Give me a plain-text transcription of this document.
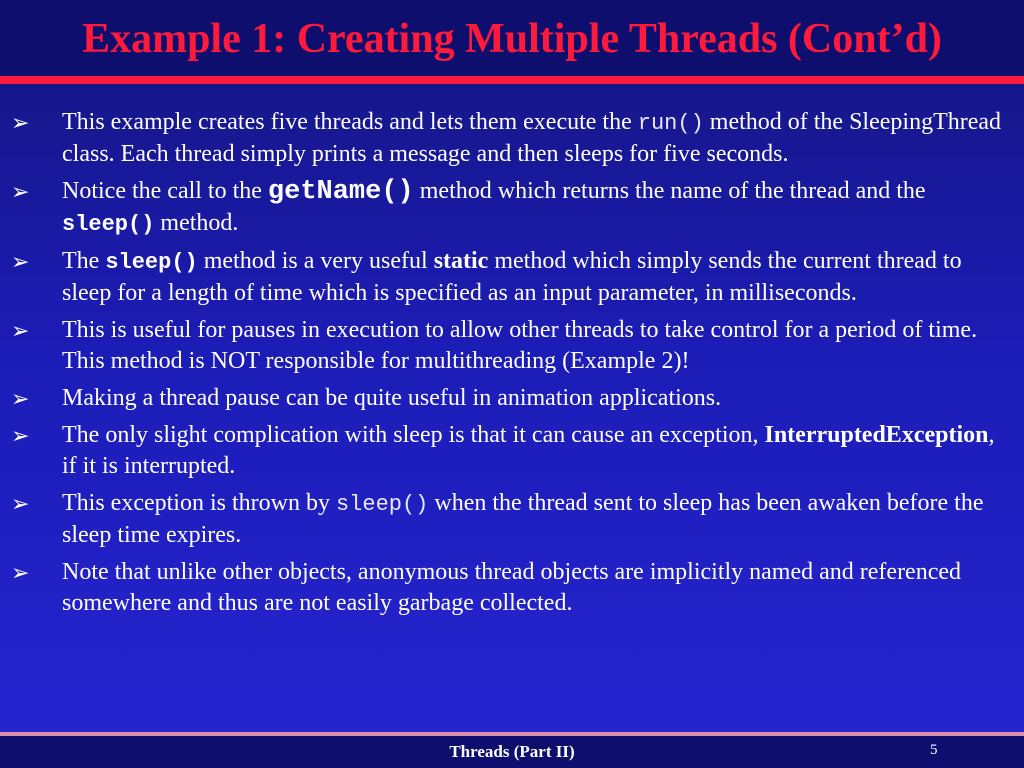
Example 1: Creating Multiple Threads (Cont’d)
➢	This example creates five threads and lets them execute the run() method of the SleepingThread class. Each thread simply prints a message and then sleeps for five seconds.
➢	Notice the call to the getName() method which returns the name of the thread and the sleep() method.
➢	The sleep() method is a very useful static method which simply sends the current thread to sleep for a length of time which is specified as an input parameter, in milliseconds.
➢	This is useful for pauses in execution to allow other threads to take control for a period of time. This method is NOT responsible for multithreading (Example 2)!
➢	Making a thread pause can be quite useful in animation applications.
➢	The only slight complication with sleep is that it can cause an exception, InterruptedException, if it is interrupted.
➢	This exception is thrown by sleep() when the thread sent to sleep has been awaken before the sleep time expires.
➢	Note that unlike other objects, anonymous thread objects are implicitly named and referenced somewhere and thus are not easily garbage collected.
Threads (Part II)	5
